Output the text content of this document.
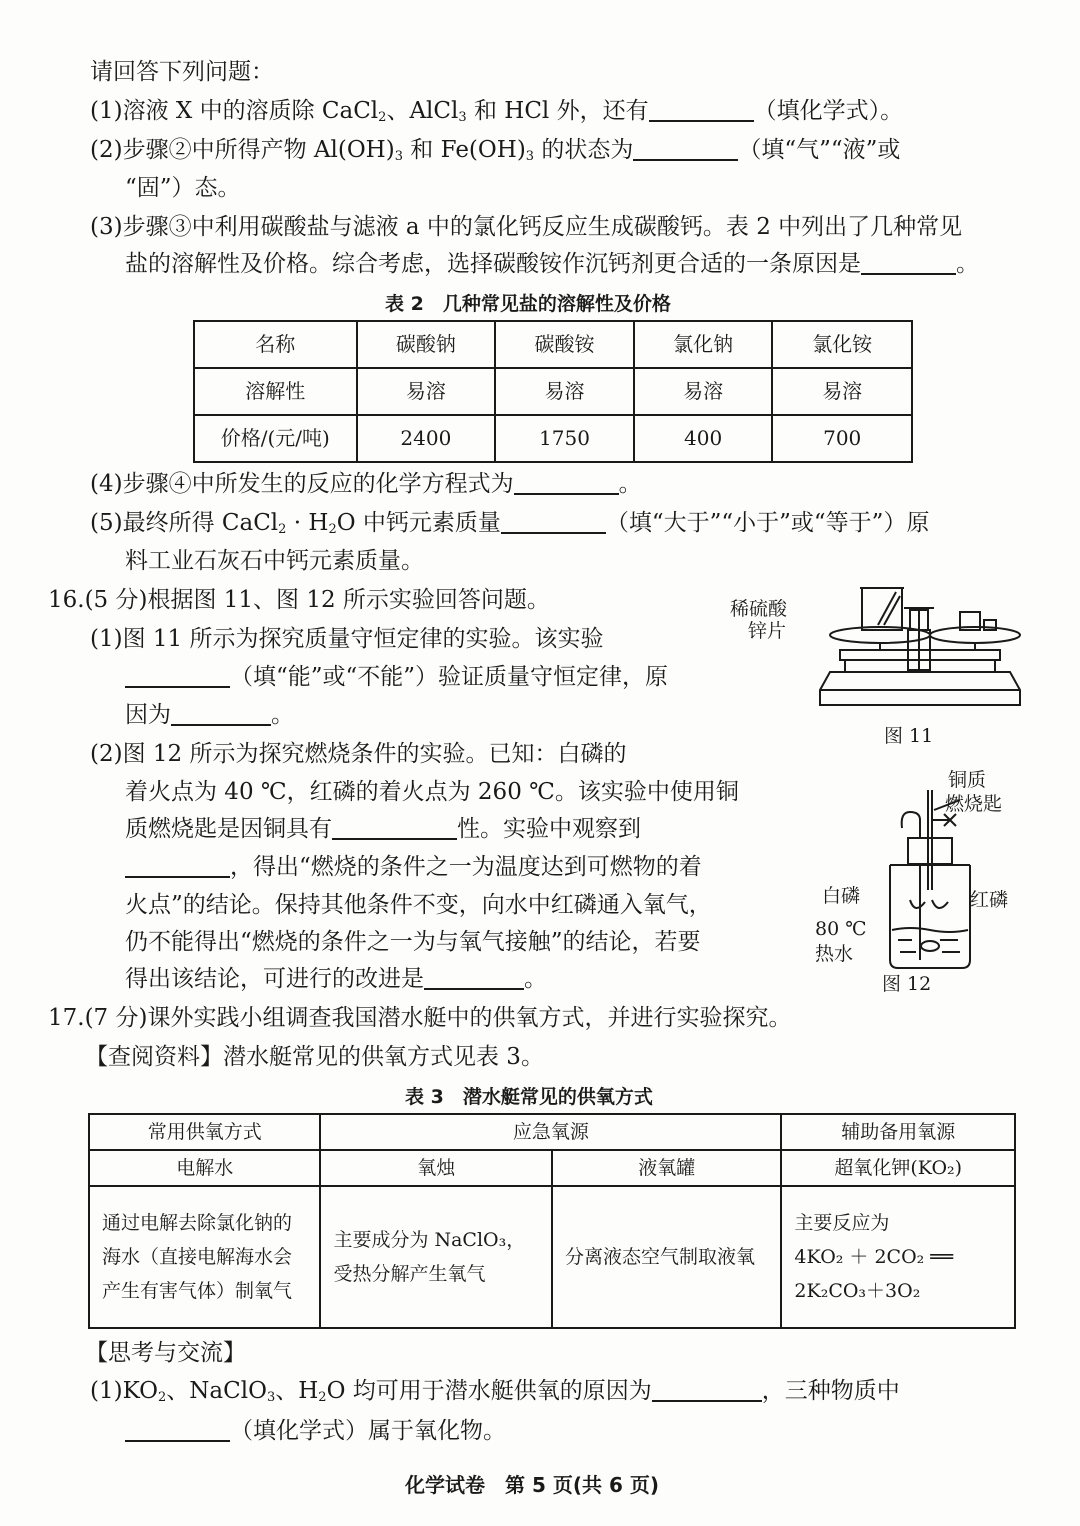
请回答下列问题：
(1)溶液 X 中的溶质除 CaCl$_2$、AlCl$_3$ 和 HCl 外，还有	（填化学式）。
(2)步骤②中所得产物 $Al(OH)_3$ 和 $Fe(OH)_3$ 的状态为	（填“气”“液”或
“固”）态。
(3)步骤③中利用碳酸盐与滤液 a 中的氯化钙反应生成碳酸钙。表 2 中列出了几种常见
盐的溶解性及价格。综合考虑，选择碳酸铵作沉钙剂更合适的一条原因是	。
表 2　几种常见盐的溶解性及价格
名称	碳酸钠	碳酸铵	氯化钠	氯化铵
溶解性	易溶	易溶	易溶	易溶
价格/(元/吨)	2400	1750	400	700
(4)步骤④中所发生的反应的化学方程式为	。
(5)最终所得 CaCl$_2$ · $H_2O$ 中钙元素质量	（填“大于”“小于”或“等于”）原
料工业石灰石中钙元素质量。
16.(5 分)根据图 11、图 12 所示实验回答问题。
(1)图 11 所示为探究质量守恒定律的实验。该实验
（填“能”或“不能”）验证质量守恒定律，原
因为	。
(2)图 12 所示为探究燃烧条件的实验。已知：白磷的
着火点为 40 ℃，红磷的着火点为 260 ℃。该实验中使用铜
质燃烧匙是因铜具有	性。实验中观察到
，得出“燃烧的条件之一为温度达到可燃物的着
火点”的结论。保持其他条件不变，向水中红磷通入氧气，
仍不能得出“燃烧的条件之一为与氧气接触”的结论，若要
得出该结论，可进行的改进是	。
稀硫酸
锌片
图 11
铜质
燃烧匙
白磷	红磷
80 ℃
热水
图 12
17.(7 分)课外实践小组调查我国潜水艇中的供氧方式，并进行实验探究。
【查阅资料】潜水艇常见的供氧方式见表 3。
表 3　潜水艇常见的供氧方式
常用供氧方式	应急氧源		辅助备用氧源
电解水	氧烛	液氧罐	超氧化钾(KO₂)
通过电解去除氯化钠的海水（直接电解海水会产生有害气体）制氧气	主要成分为 NaClO₃，受热分解产生氧气	分离液态空气制取液氧	主要反应为
4KO₂ ＋ 2CO₂ ══
2K₂CO₃＋3O₂
【思考与交流】
$(1)KO_2$、NaClO$_3$、$H_2O$ 均可用于潜水艇供氧的原因为	，三种物质中
（填化学式）属于氧化物。
化学试卷　第 5 页(共 6 页)
